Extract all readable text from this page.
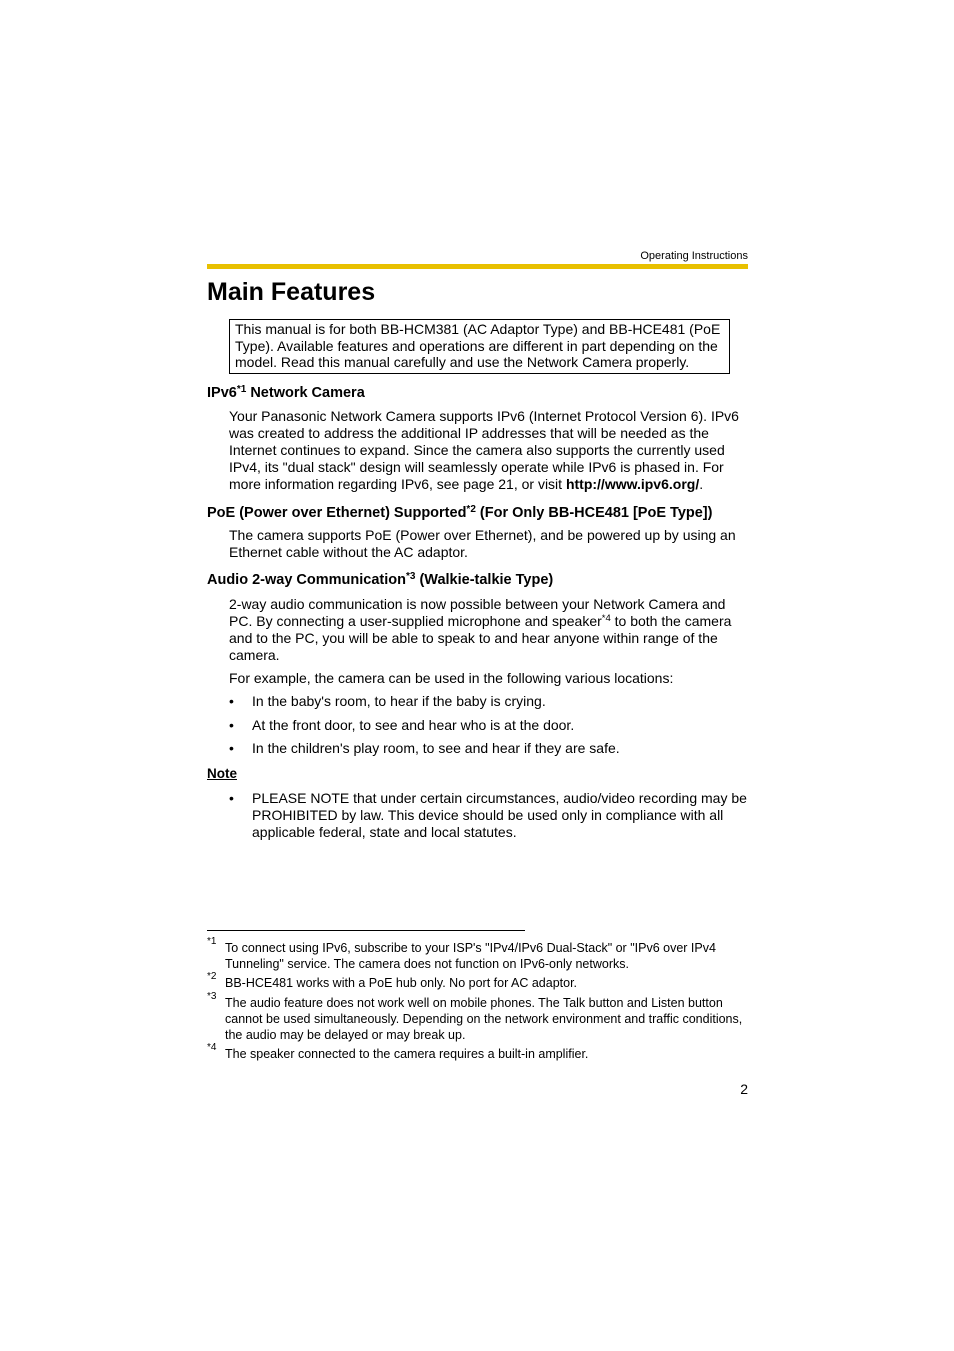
Operating Instructions
Main Features
This manual is for both BB-HCM381 (AC Adaptor Type) and BB-HCE481 (PoE Type). Available features and operations are different in part depending on the model. Read this manual carefully and use the Network Camera properly.
IPv6$^{*1}$ Network Camera

Your Panasonic Network Camera supports IPv6 (Internet Protocol Version 6). IPv6 was created to address the additional IP addresses that will be needed as the Internet continues to expand. Since the camera also supports the currently used IPv4, its "dual stack" design will seamlessly operate while IPv6 is phased in. For more information regarding IPv6, see page 21, or visit http://www.ipv6.org/.

PoE (Power over Ethernet) Supported$^{*2}$ (For Only BB-HCE481 [PoE Type])

The camera supports PoE (Power over Ethernet), and be powered up by using an Ethernet cable without the AC adaptor.

Audio 2-way Communication$^{*3}$ (Walkie-talkie Type)

2-way audio communication is now possible between your Network Camera and PC. By connecting a user-supplied microphone and speaker$^{*4}$ to both the camera and to the PC, you will be able to speak to and hear anyone within range of the camera.

For example, the camera can be used in the following various locations:

• In the baby's room, to hear if the baby is crying.
• At the front door, to see and hear who is at the door.
• In the children's play room, to see and hear if they are safe.
Note
• PLEASE NOTE that under certain circumstances, audio/video recording may be PROHIBITED by law. This device should be used only in compliance with all applicable federal, state and local statutes.
*1 To connect using IPv6, subscribe to your ISP's "IPv4/IPv6 Dual-Stack" or "IPv6 over IPv4 Tunneling" service. The camera does not function on IPv6-only networks.
*2 BB-HCE481 works with a PoE hub only. No port for AC adaptor.
*3 The audio feature does not work well on mobile phones. The Talk button and Listen button cannot be used simultaneously. Depending on the network environment and traffic conditions, the audio may be delayed or may break up.
*4 The speaker connected to the camera requires a built-in amplifier.
2
